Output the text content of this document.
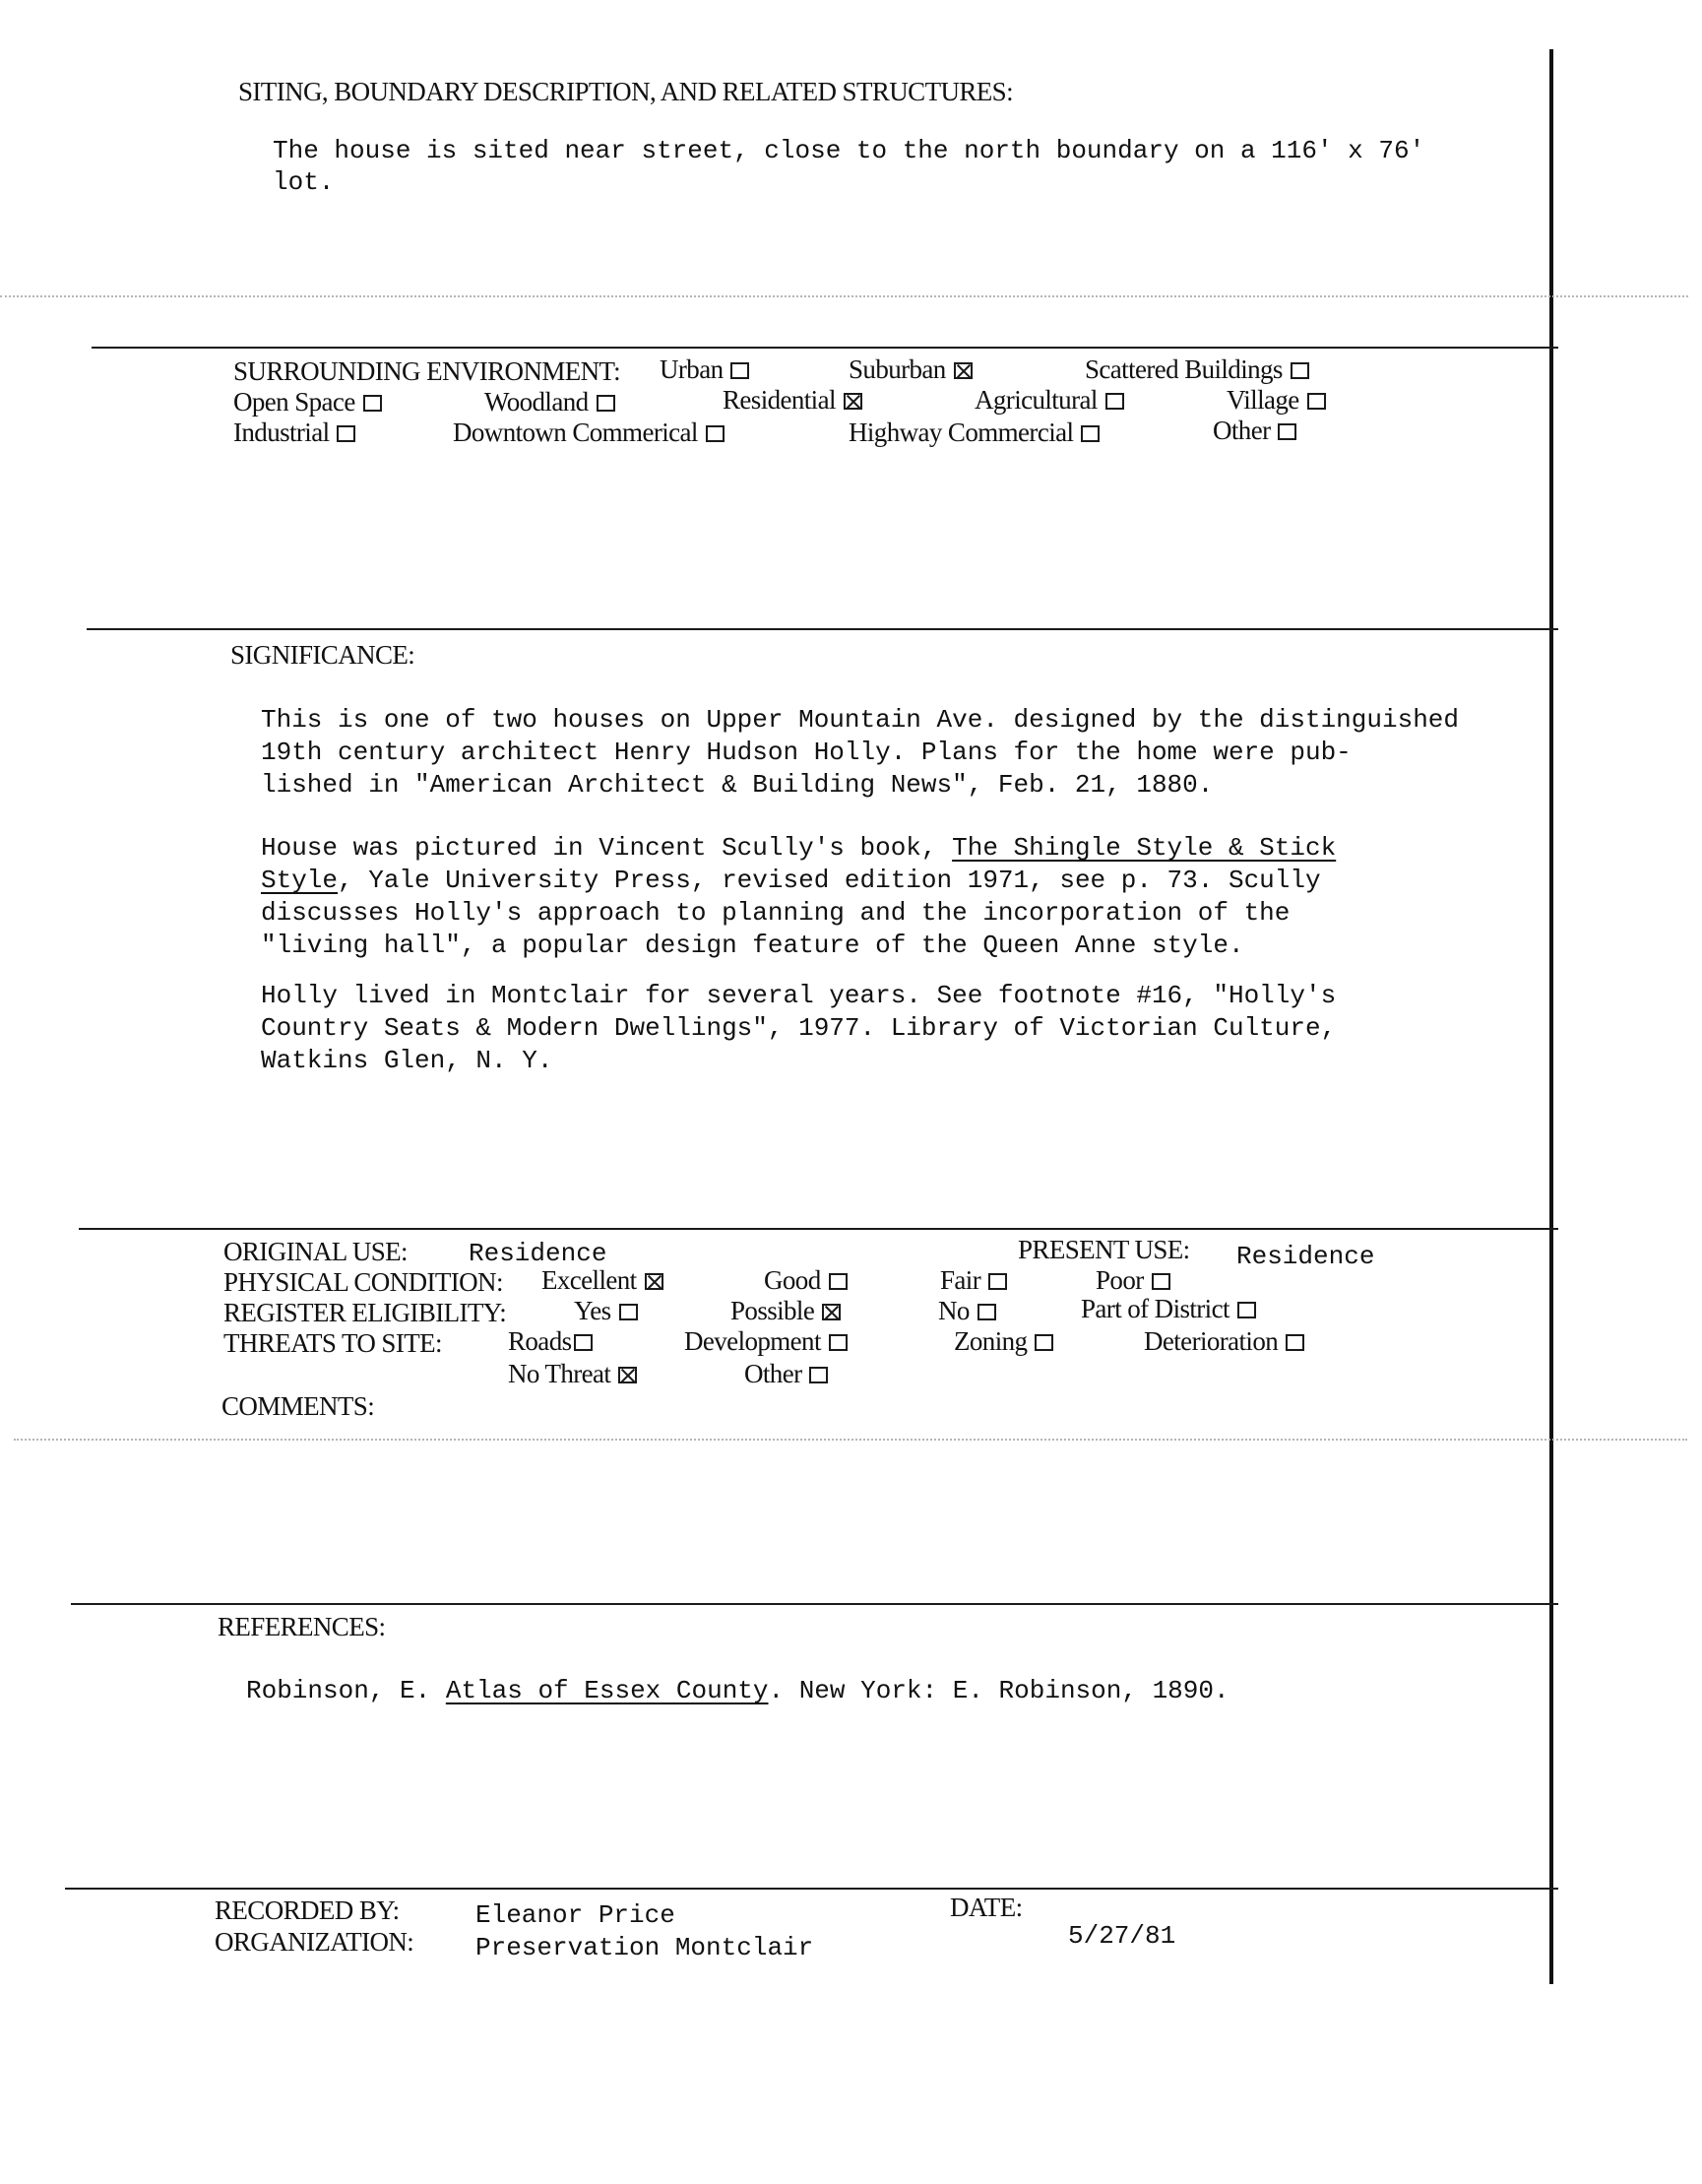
SITING, BOUNDARY DESCRIPTION, AND RELATED STRUCTURES:
The house is sited near street, close to the north boundary on a 116' x 76'
lot.
SURROUNDING ENVIRONMENT: Urban	Suburban	Scattered Buildings
Open Space	Woodland	Residential	Agricultural	Village
Industrial	Downtown Commerical	Highway Commercial	Other
SIGNIFICANCE:
This is one of two houses on Upper Mountain Ave. designed by the distinguished
19th century architect Henry Hudson Holly. Plans for the home were pub-
lished in "American Architect & Building News", Feb. 21, 1880.
House was pictured in Vincent Scully's book, The Shingle Style & Stick
Style, Yale University Press, revised edition 1971, see p. 73. Scully
discusses Holly's approach to planning and the incorporation of the
"living hall", a popular design feature of the Queen Anne style.
Holly lived in Montclair for several years. See footnote #16, "Holly's
Country Seats & Modern Dwellings", 1977. Library of Victorian Culture,
Watkins Glen, N. Y.
ORIGINAL USE: Residence	PRESENT USE: Residence
PHYSICAL CONDITION: Excellent	Good	Fair	Poor
REGISTER ELIGIBILITY:	Yes	Possible	No	Part of District
THREATS TO SITE: Roads	Development	Zoning	Deterioration
No Threat	Other
COMMENTS:
REFERENCES:
Robinson, E. Atlas of Essex County. New York: E. Robinson, 1890.
RECORDED BY:	Eleanor Price	DATE:
5/27/81
ORGANIZATION: Preservation Montclair
